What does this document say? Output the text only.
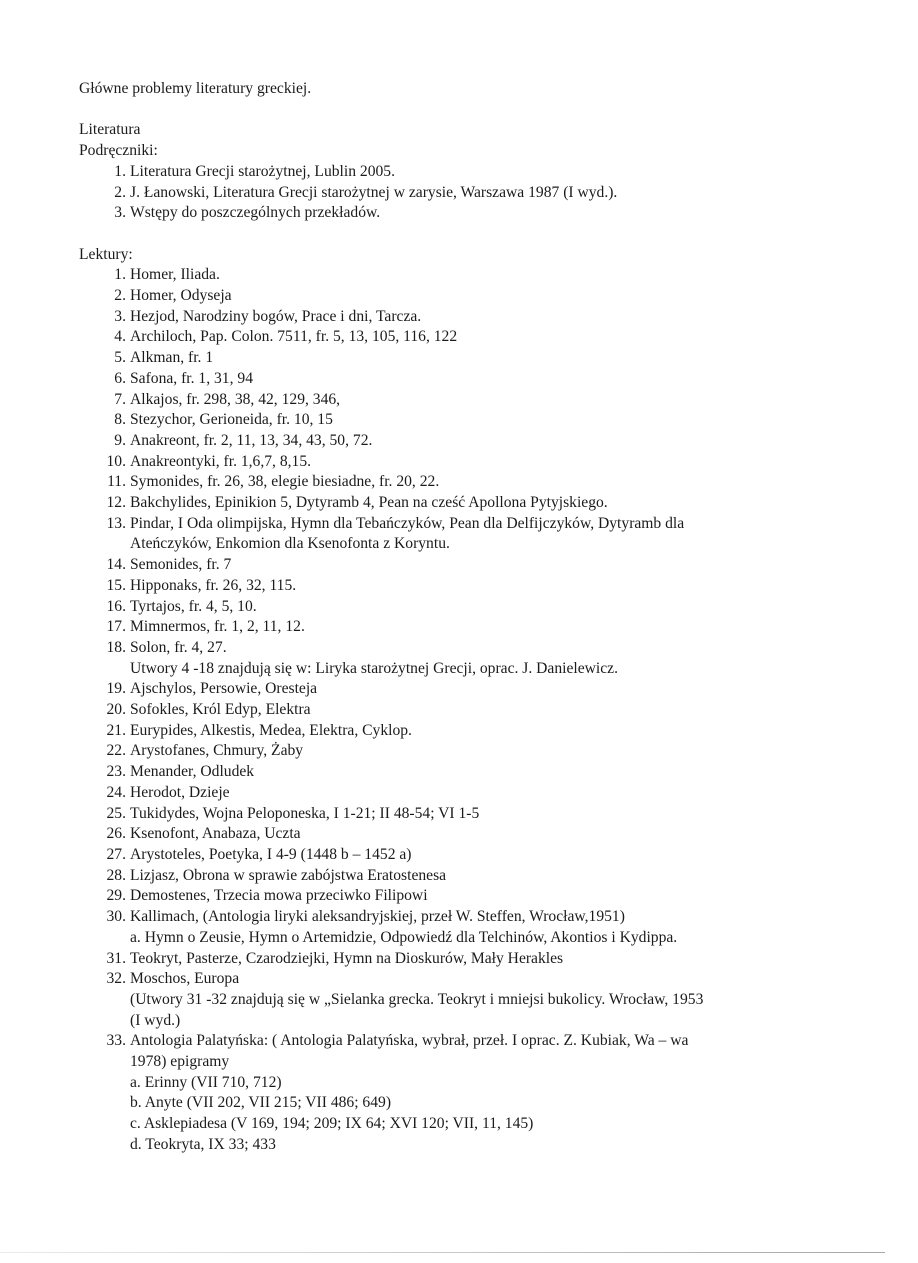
Główne problemy literatury greckiej.
Literatura
Podręczniki:
1. Literatura Grecji starożytnej, Lublin 2005.
2. J. Łanowski, Literatura Grecji starożytnej w zarysie, Warszawa 1987 (I wyd.).
3. Wstępy do poszczególnych przekładów.
Lektury:
1. Homer, Iliada.
2. Homer, Odyseja
3. Hezjod, Narodziny bogów, Prace i dni, Tarcza.
4. Archiloch, Pap. Colon. 7511, fr. 5, 13, 105, 116, 122
5. Alkman, fr. 1
6. Safona, fr. 1, 31, 94
7. Alkajos, fr. 298, 38, 42, 129, 346,
8. Stezychor, Gerioneida, fr. 10, 15
9. Anakreont, fr. 2, 11, 13, 34, 43, 50, 72.
10. Anakreontyki, fr. 1,6,7, 8,15.
11. Symonides, fr. 26, 38, elegie biesiadne, fr. 20, 22.
12. Bakchylides, Epinikion 5, Dytyramb 4, Pean na cześć Apollona Pytyjskiego.
13. Pindar, I Oda olimpijska, Hymn dla Tebańczyków, Pean dla Delfijczyków, Dytyramb dla
Ateńczyków, Enkomion dla Ksenofonta z Koryntu.
14. Semonides, fr. 7
15. Hipponaks, fr. 26, 32, 115.
16. Tyrtajos, fr. 4, 5, 10.
17. Mimnermos, fr. 1, 2, 11, 12.
18. Solon, fr. 4, 27.
Utwory 4 -18 znajdują się w: Liryka starożytnej Grecji, oprac. J. Danielewicz.
19. Ajschylos, Persowie, Oresteja
20. Sofokles, Król Edyp, Elektra
21. Eurypides, Alkestis, Medea, Elektra, Cyklop.
22. Arystofanes, Chmury, Żaby
23. Menander, Odludek
24. Herodot, Dzieje
25. Tukidydes, Wojna Peloponeska, I 1-21; II 48-54; VI 1-5
26. Ksenofont, Anabaza, Uczta
27. Arystoteles, Poetyka, I 4-9 (1448 b – 1452 a)
28. Lizjasz, Obrona w sprawie zabójstwa Eratostenesa
29. Demostenes, Trzecia mowa przeciwko Filipowi
30. Kallimach, (Antologia liryki aleksandryjskiej, przeł W. Steffen, Wrocław,1951)
a. Hymn o Zeusie, Hymn o Artemidzie, Odpowiedź dla Telchinów, Akontios i Kydippa.
31. Teokryt, Pasterze, Czarodziejki, Hymn na Dioskurów, Mały Herakles
32. Moschos, Europa
(Utwory 31 -32 znajdują się w „Sielanka grecka. Teokryt i mniejsi bukolicy. Wrocław, 1953
(I wyd.)
33. Antologia Palatyńska: ( Antologia Palatyńska, wybrał, przeł. I oprac. Z. Kubiak, Wa – wa
1978) epigramy
a. Erinny (VII 710, 712)
b. Anyte (VII 202, VII 215; VII 486; 649)
c. Asklepiadesa (V 169, 194; 209; IX 64; XVI 120; VII, 11, 145)
d. Teokryta, IX 33; 433
